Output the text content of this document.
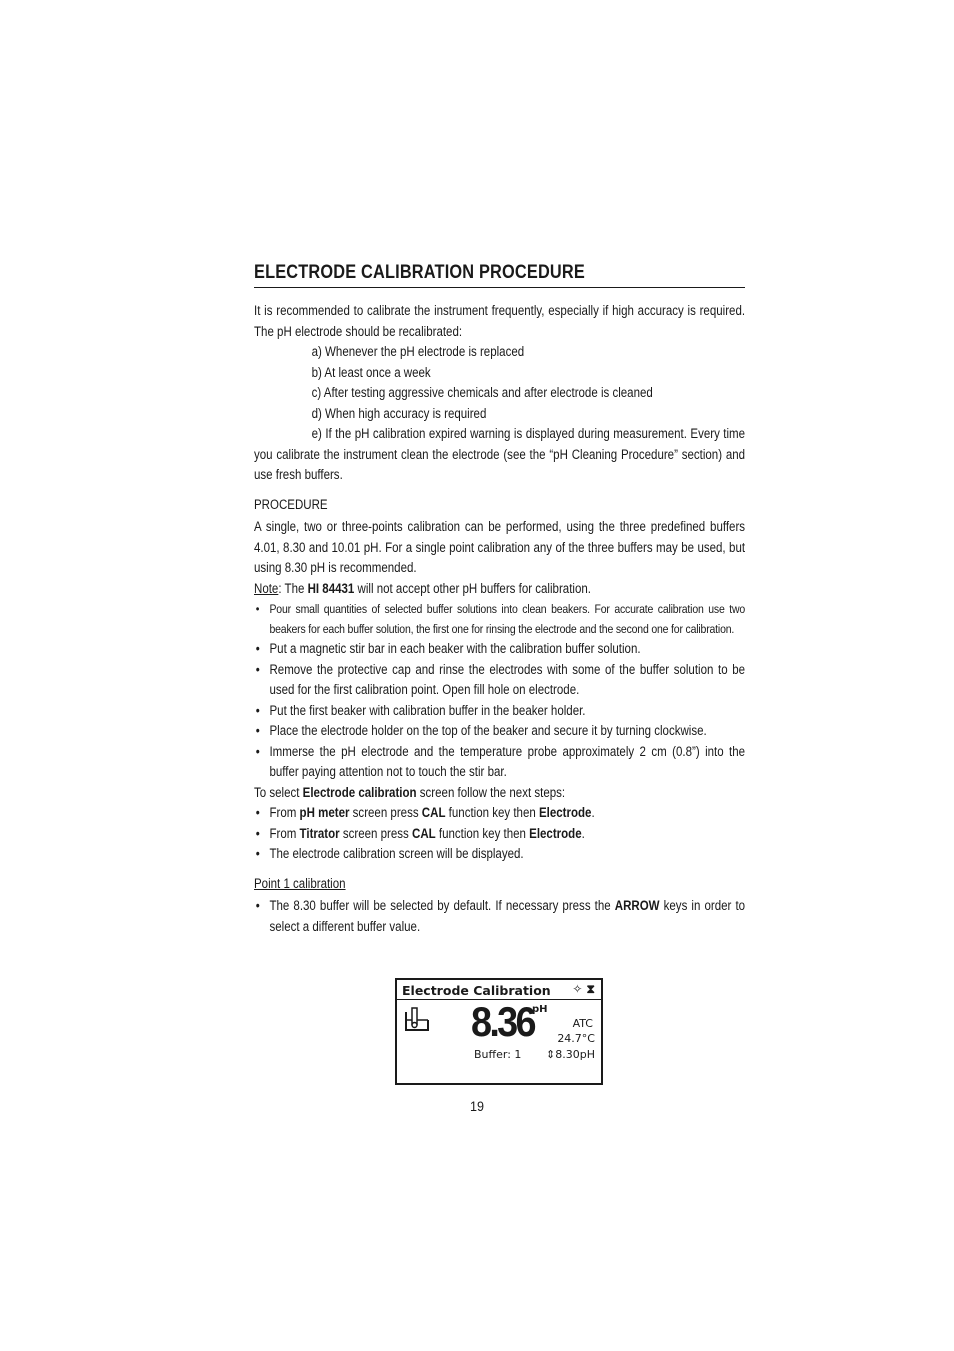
ELECTRODE CALIBRATION PROCEDURE

It is recommended to calibrate the instrument frequently, especially if high accuracy is required. The pH electrode should be recalibrated:

a) Whenever the pH electrode is replaced

b) At least once a week

c) After testing aggressive chemicals and after electrode is cleaned

d) When high accuracy is required

e) If the pH calibration expired warning is displayed during measurement. Every time you calibrate the instrument clean the electrode (see the “pH Cleaning Procedure” section) and use fresh buffers.

PROCEDURE

A single, two or three-points calibration can be performed, using the three predefined buffers 4.01, 8.30 and 10.01 pH. For a single point calibration any of the three buffers may be used, but using 8.30 pH is recommended.

Note: The HI 84431 will not accept other pH buffers for calibration.

• Pour small quantities of selected buffer solutions into clean beakers. For accurate calibration use two beakers for each buffer solution, the first one for rinsing the electrode and the second one for calibration.

• Put a magnetic stir bar in each beaker with the calibration buffer solution.

• Remove the protective cap and rinse the electrodes with some of the buffer solution to be used for the first calibration point. Open fill hole on electrode.

• Put the first beaker with calibration buffer in the beaker holder.

• Place the electrode holder on the top of the beaker and secure it by turning clockwise.

• Immerse the pH electrode and the temperature probe approximately 2 cm (0.8”) into the buffer paying attention not to touch the stir bar.

To select Electrode calibration screen follow the next steps:

• From pH meter screen press CAL function key then Electrode.

• From Titrator screen press CAL function key then Electrode.

• The electrode calibration screen will be displayed.

Point 1 calibration

• The 8.30 buffer will be selected by default. If necessary press the ARROW keys in order to select a different buffer value.

Electrode Calibration ✧ ⧗
8.36
pH
ATC
24.7°C
Buffer: 1 ⇕8.30pH
19
